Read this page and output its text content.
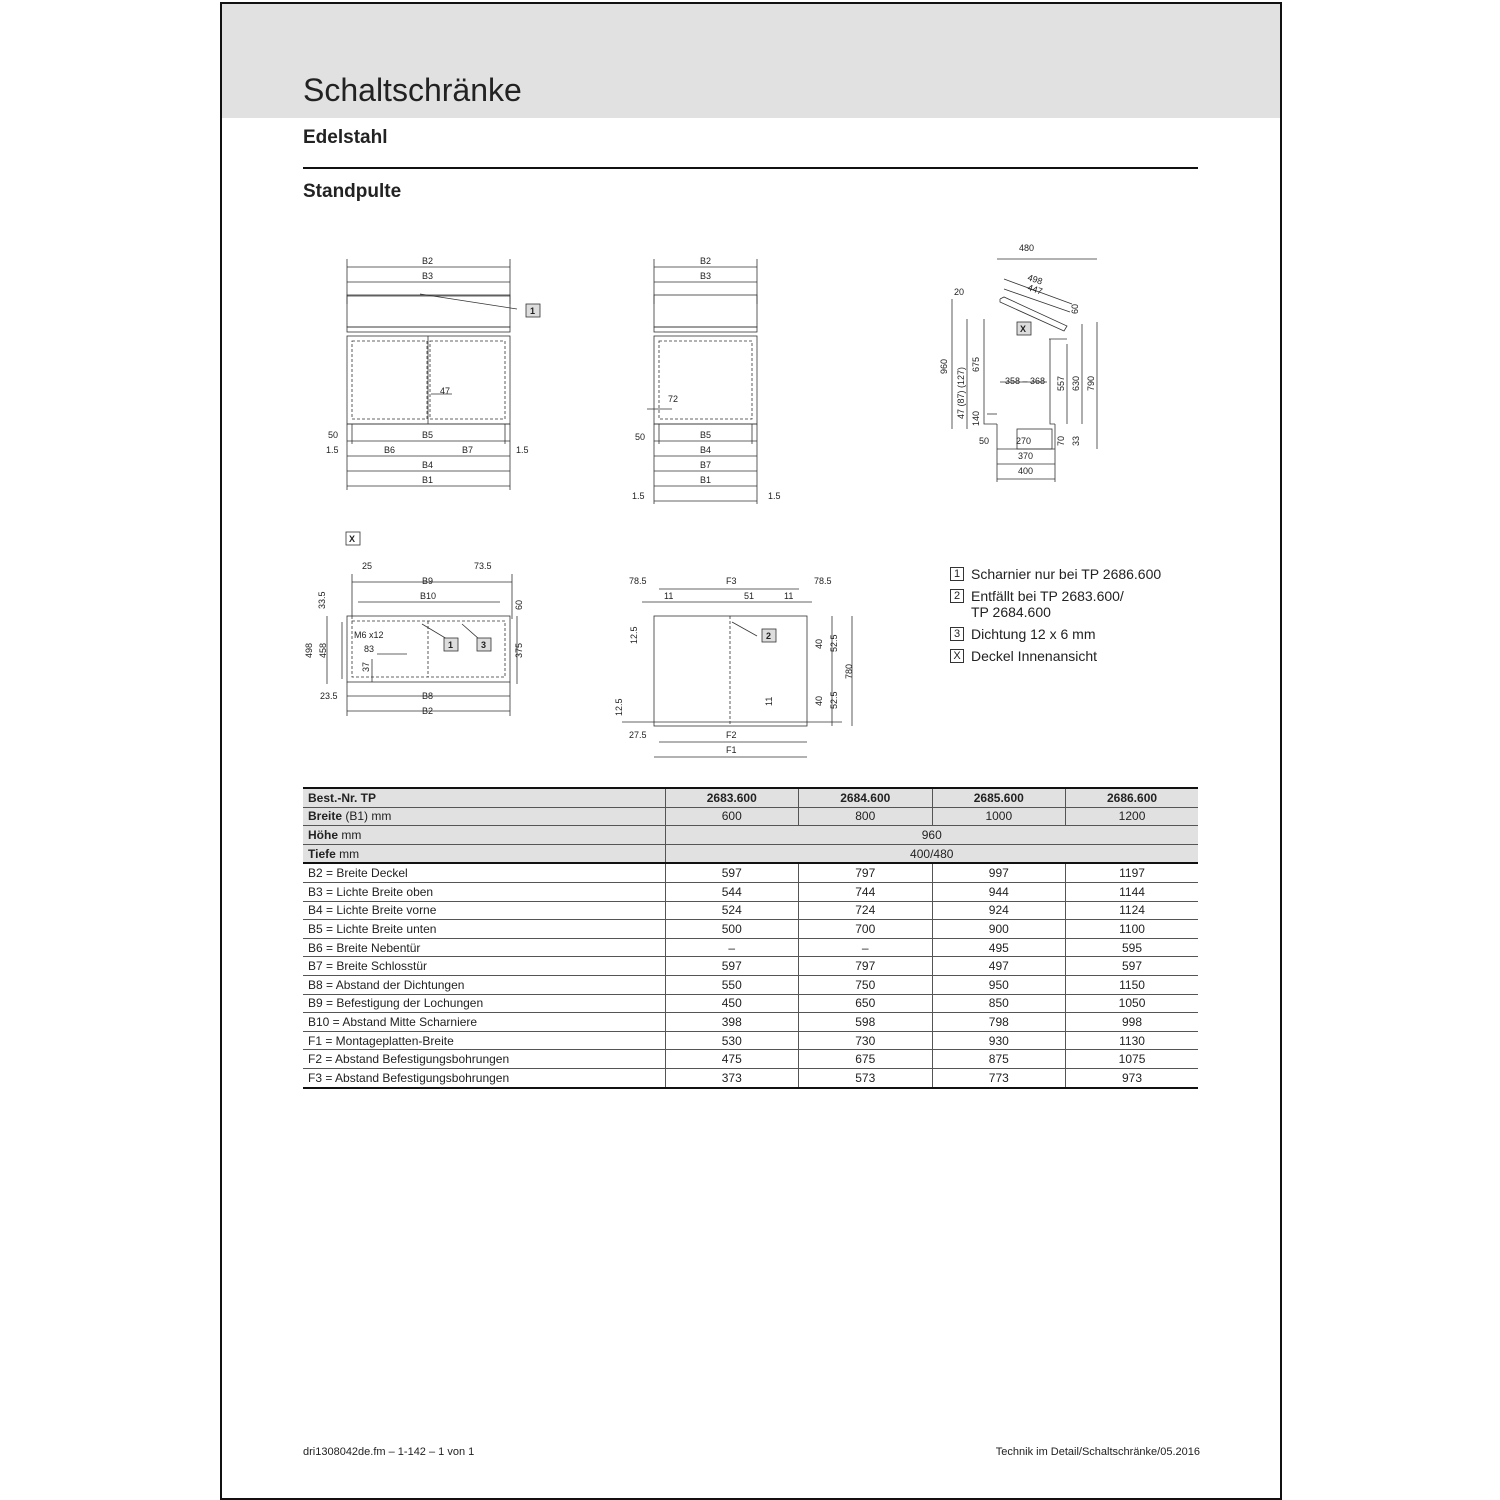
Schaltschränke
Edelstahl
Standpulte
B2
B3
47
50
1.5	B6	B7	1.5
B5
B4
B1
B2
B3
72
50	B5
B4
B7
B1
1.5	1.5
480
498
447
20
60
960
47 (87) (127)
675
358 – 368 557 630 790
140
50	270	70 33
370
400
25	73.5
B9
B10
33.5	60
M6 x12
83
37
498 458	375
23.5	B8
B2
78.5	F3	78.5
11	51	11
12.5	40 52.5
780
11	40 52.5
12.5
27.5	F2
F1
1
X
X
1	3
2
1 Scharnier nur bei TP 2686.600
2 Entfällt bei TP 2683.600/
TP 2684.600
3 Dichtung 12 x 6 mm
X Deckel Innenansicht
Best.-Nr. TP	2683.600	2684.600	2685.600	2686.600
Breite (B1) mm	600	800	1000	1200
Höhe mm	960			
Tiefe mm	400/480			
B2 = Breite Deckel	597	797	997	1197
B3 = Lichte Breite oben	544	744	944	1144
B4 = Lichte Breite vorne	524	724	924	1124
B5 = Lichte Breite unten	500	700	900	1100
B6 = Breite Nebentür	–	–	495	595
B7 = Breite Schlosstür	597	797	497	597
B8 = Abstand der Dichtungen	550	750	950	1150
B9 = Befestigung der Lochungen	450	650	850	1050
B10 = Abstand Mitte Scharniere	398	598	798	998
F1 = Montageplatten-Breite	530	730	930	1130
F2 = Abstand Befestigungsbohrungen	475	675	875	1075
F3 = Abstand Befestigungsbohrungen	373	573	773	973
dri1308042de.fm – 1-142 – 1 von 1	Technik im Detail/Schaltschränke/05.2016
